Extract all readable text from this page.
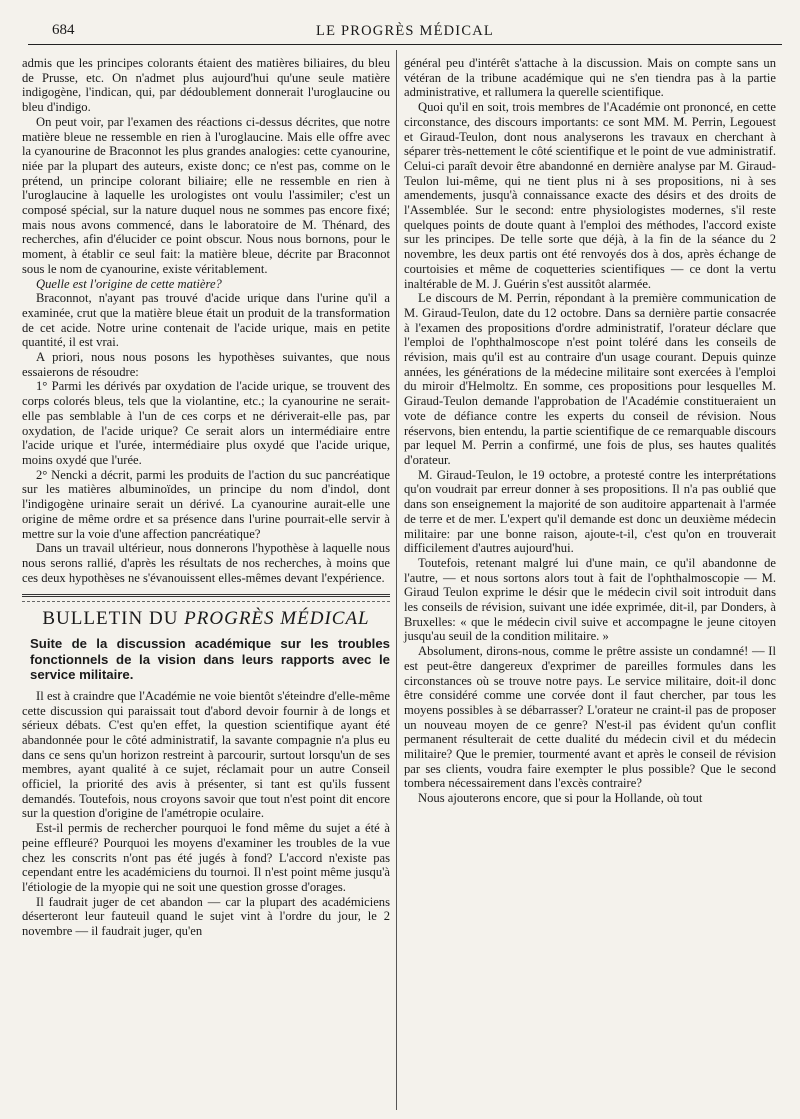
684	LE PROGRÈS MÉDICAL

admis que les principes colorants étaient des matières biliaires, du bleu de Prusse, etc. On n'admet plus aujourd'hui qu'une seule matière indigogène, l'indican, qui, par dédoublement donnerait l'uroglaucine ou bleu d'indigo.

On peut voir, par l'examen des réactions ci-dessus décrites, que notre matière bleue ne ressemble en rien à l'uroglaucine. Mais elle offre avec la cyanourine de Braconnot les plus grandes analogies: cette cyanourine, niée par la plupart des auteurs, existe donc; ce n'est pas, comme on le prétend, un principe colorant biliaire; elle ne ressemble en rien à l'uroglaucine à laquelle les urologistes ont voulu l'assimiler; c'est un composé spécial, sur la nature duquel nous ne sommes pas encore fixé; mais nous avons commencé, dans le laboratoire de M. Thénard, des recherches, afin d'élucider ce point obscur. Nous nous bornons, pour le moment, à établir ce seul fait: la matière bleue, décrite par Braconnot sous le nom de cyanourine, existe véritablement.

Quelle est l'origine de cette matière?

Braconnot, n'ayant pas trouvé d'acide urique dans l'urine qu'il a examinée, crut que la matière bleue était un produit de la transformation de cet acide. Notre urine contenait de l'acide urique, mais en petite quantité, il est vrai.

A priori, nous nous posons les hypothèses suivantes, que nous essaierons de résoudre:

1° Parmi les dérivés par oxydation de l'acide urique, se trouvent des corps colorés bleus, tels que la violantine, etc.; la cyanourine ne serait-elle pas semblable à l'un de ces corps et ne dériverait-elle pas, par oxydation, de l'acide urique? Ce serait alors un intermédiaire entre l'acide urique et l'urée, intermédiaire plus oxydé que l'acide urique, moins oxydé que l'urée.

2° Nencki a décrit, parmi les produits de l'action du suc pancréatique sur les matières albuminoïdes, un principe du nom d'indol, dont l'indigogène urinaire serait un dérivé. La cyanourine aurait-elle une origine de même ordre et sa présence dans l'urine pourrait-elle servir à mettre sur la voie d'une affection pancréatique?

Dans un travail ultérieur, nous donnerons l'hypothèse à laquelle nous nous serons rallié, d'après les résultats de nos recherches, à moins que ces deux hypothèses ne s'évanouissent elles-mêmes devant l'expérience.

BULLETIN DU PROGRÈS MÉDICAL

Suite de la discussion académique sur les troubles fonctionnels de la vision dans leurs rapports avec le service militaire.

Il est à craindre que l'Académie ne voie bientôt s'éteindre d'elle-même cette discussion qui paraissait tout d'abord devoir fournir à de longs et sérieux débats. C'est qu'en effet, la question scientifique ayant été abandonnée pour le côté administratif, la savante compagnie n'a plus eu dans ce sens qu'un horizon restreint à parcourir, surtout lorsqu'un de ses membres, ayant qualité à ce sujet, réclamait pour un autre Conseil officiel, la priorité des avis à présenter, si tant est qu'ils fussent demandés. Toutefois, nous croyons savoir que tout n'est point dit encore sur la question d'origine de l'amétropie oculaire.

Est-il permis de rechercher pourquoi le fond même du sujet a été à peine effleuré? Pourquoi les moyens d'examiner les troubles de la vue chez les conscrits n'ont pas été jugés à fond? L'accord n'existe pas cependant entre les académiciens du tournoi. Il n'est point même jusqu'à l'étiologie de la myopie qui ne soit une question grosse d'orages.

Il faudrait juger de cet abandon — car la plupart des académiciens déserteront leur fauteuil quand le sujet vint à l'ordre du jour, le 2 novembre — il faudrait juger, qu'en

général peu d'intérêt s'attache à la discussion. Mais on compte sans un vétéran de la tribune académique qui ne s'en tiendra pas à la partie administrative, et rallumera la querelle scientifique.

Quoi qu'il en soit, trois membres de l'Académie ont prononcé, en cette circonstance, des discours importants: ce sont MM. M. Perrin, Legouest et Giraud-Teulon, dont nous analyserons les travaux en cherchant à séparer très-nettement le côté scientifique et le point de vue administratif. Celui-ci paraît devoir être abandonné en dernière analyse par M. Giraud-Teulon lui-même, qui ne tient plus ni à ses propositions, ni à ses amendements, jusqu'à connaissance exacte des désirs et des droits de l'Assemblée. Sur le second: entre physiologistes modernes, s'il reste quelques points de doute quant à l'emploi des méthodes, l'accord existe sur les principes. De telle sorte que déjà, à la fin de la séance du 2 novembre, les deux partis ont été renvoyés dos à dos, après échange de courtoisies et même de coquetteries scientifiques — ce dont la vertu inaltérable de M. J. Guérin s'est aussitôt alarmée.

Le discours de M. Perrin, répondant à la première communication de M. Giraud-Teulon, date du 12 octobre. Dans sa dernière partie consacrée à l'examen des propositions d'ordre administratif, l'orateur déclare que l'emploi de l'ophthalmoscope n'est point toléré dans les conseils de révision, mais qu'il est au contraire d'un usage courant. Depuis quinze années, les générations de la médecine militaire sont exercées à l'emploi du miroir d'Helmoltz. En somme, ces propositions pour lesquelles M. Giraud-Teulon demande l'approbation de l'Académie constitueraient un vote de défiance contre les experts du conseil de révision. Nous réservons, bien entendu, la partie scientifique de ce remarquable discours par lequel M. Perrin a confirmé, une fois de plus, ses hautes qualités d'orateur.

M. Giraud-Teulon, le 19 octobre, a protesté contre les interprétations qu'on voudrait par erreur donner à ses propositions. Il n'a pas oublié que dans son enseignement la majorité de son auditoire appartenait à l'armée de terre et de mer. L'expert qu'il demande est donc un deuxième médecin militaire: par une bonne raison, ajoute-t-il, c'est qu'on en trouverait difficilement d'autres aujourd'hui.

Toutefois, retenant malgré lui d'une main, ce qu'il abandonne de l'autre, — et nous sortons alors tout à fait de l'ophthalmoscopie — M. Giraud Teulon exprime le désir que le médecin civil soit introduit dans les conseils de révision, suivant une idée exprimée, dit-il, par Donders, à Bruxelles: « que le médecin civil suive et accompagne le jeune citoyen jusqu'au seuil de la condition militaire. »

Absolument, dirons-nous, comme le prêtre assiste un condamné! — Il est peut-être dangereux d'exprimer de pareilles formules dans les circonstances où se trouve notre pays. Le service militaire, doit-il donc être considéré comme une corvée dont il faut chercher, par tous les moyens possibles à se débarrasser? L'orateur ne craint-il pas de proposer un nouveau moyen de ce genre? N'est-il pas évident qu'un conflit permanent résulterait de cette dualité du médecin civil et du médecin militaire? Que le premier, tourmenté avant et après le conseil de révision par ses clients, voudra faire exempter le plus possible? Que le second tombera nécessairement dans l'excès contraire?

Nous ajouterons encore, que si pour la Hollande, où tout
